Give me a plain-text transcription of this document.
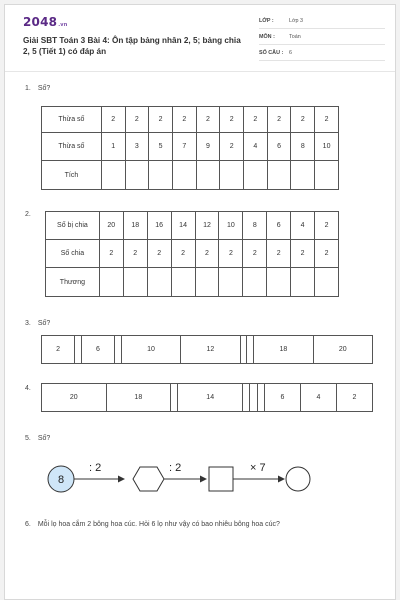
2048.vn
Giải SBT Toán 3 Bài 4: Ôn tập bảng nhân 2, 5; bảng chia 2, 5 (Tiết 1) có đáp án
LỚP :	Lớp 3
MÔN :	Toán
SỐ CÂU : 6
1. Số?
Thừa số	2	2	2	2	2	2	2	2	2	2
Thừa số	1	3	5	7	9	2	4	6	8	10
Tích										
2.
Số bị chia	20	18	16	14	12	10	8	6	4	2
Số chia	2	2	2	2	2	2	2	2	2	2
Thương										
3. Số?
2		6		10	12			18	20
4.
20	18		14				6	4	2
5. Số?
8
: 2	: 2	× 7
6. Mỗi lọ hoa cắm 2 bông hoa cúc. Hỏi 6 lọ như vậy có bao nhiêu bông hoa cúc?
